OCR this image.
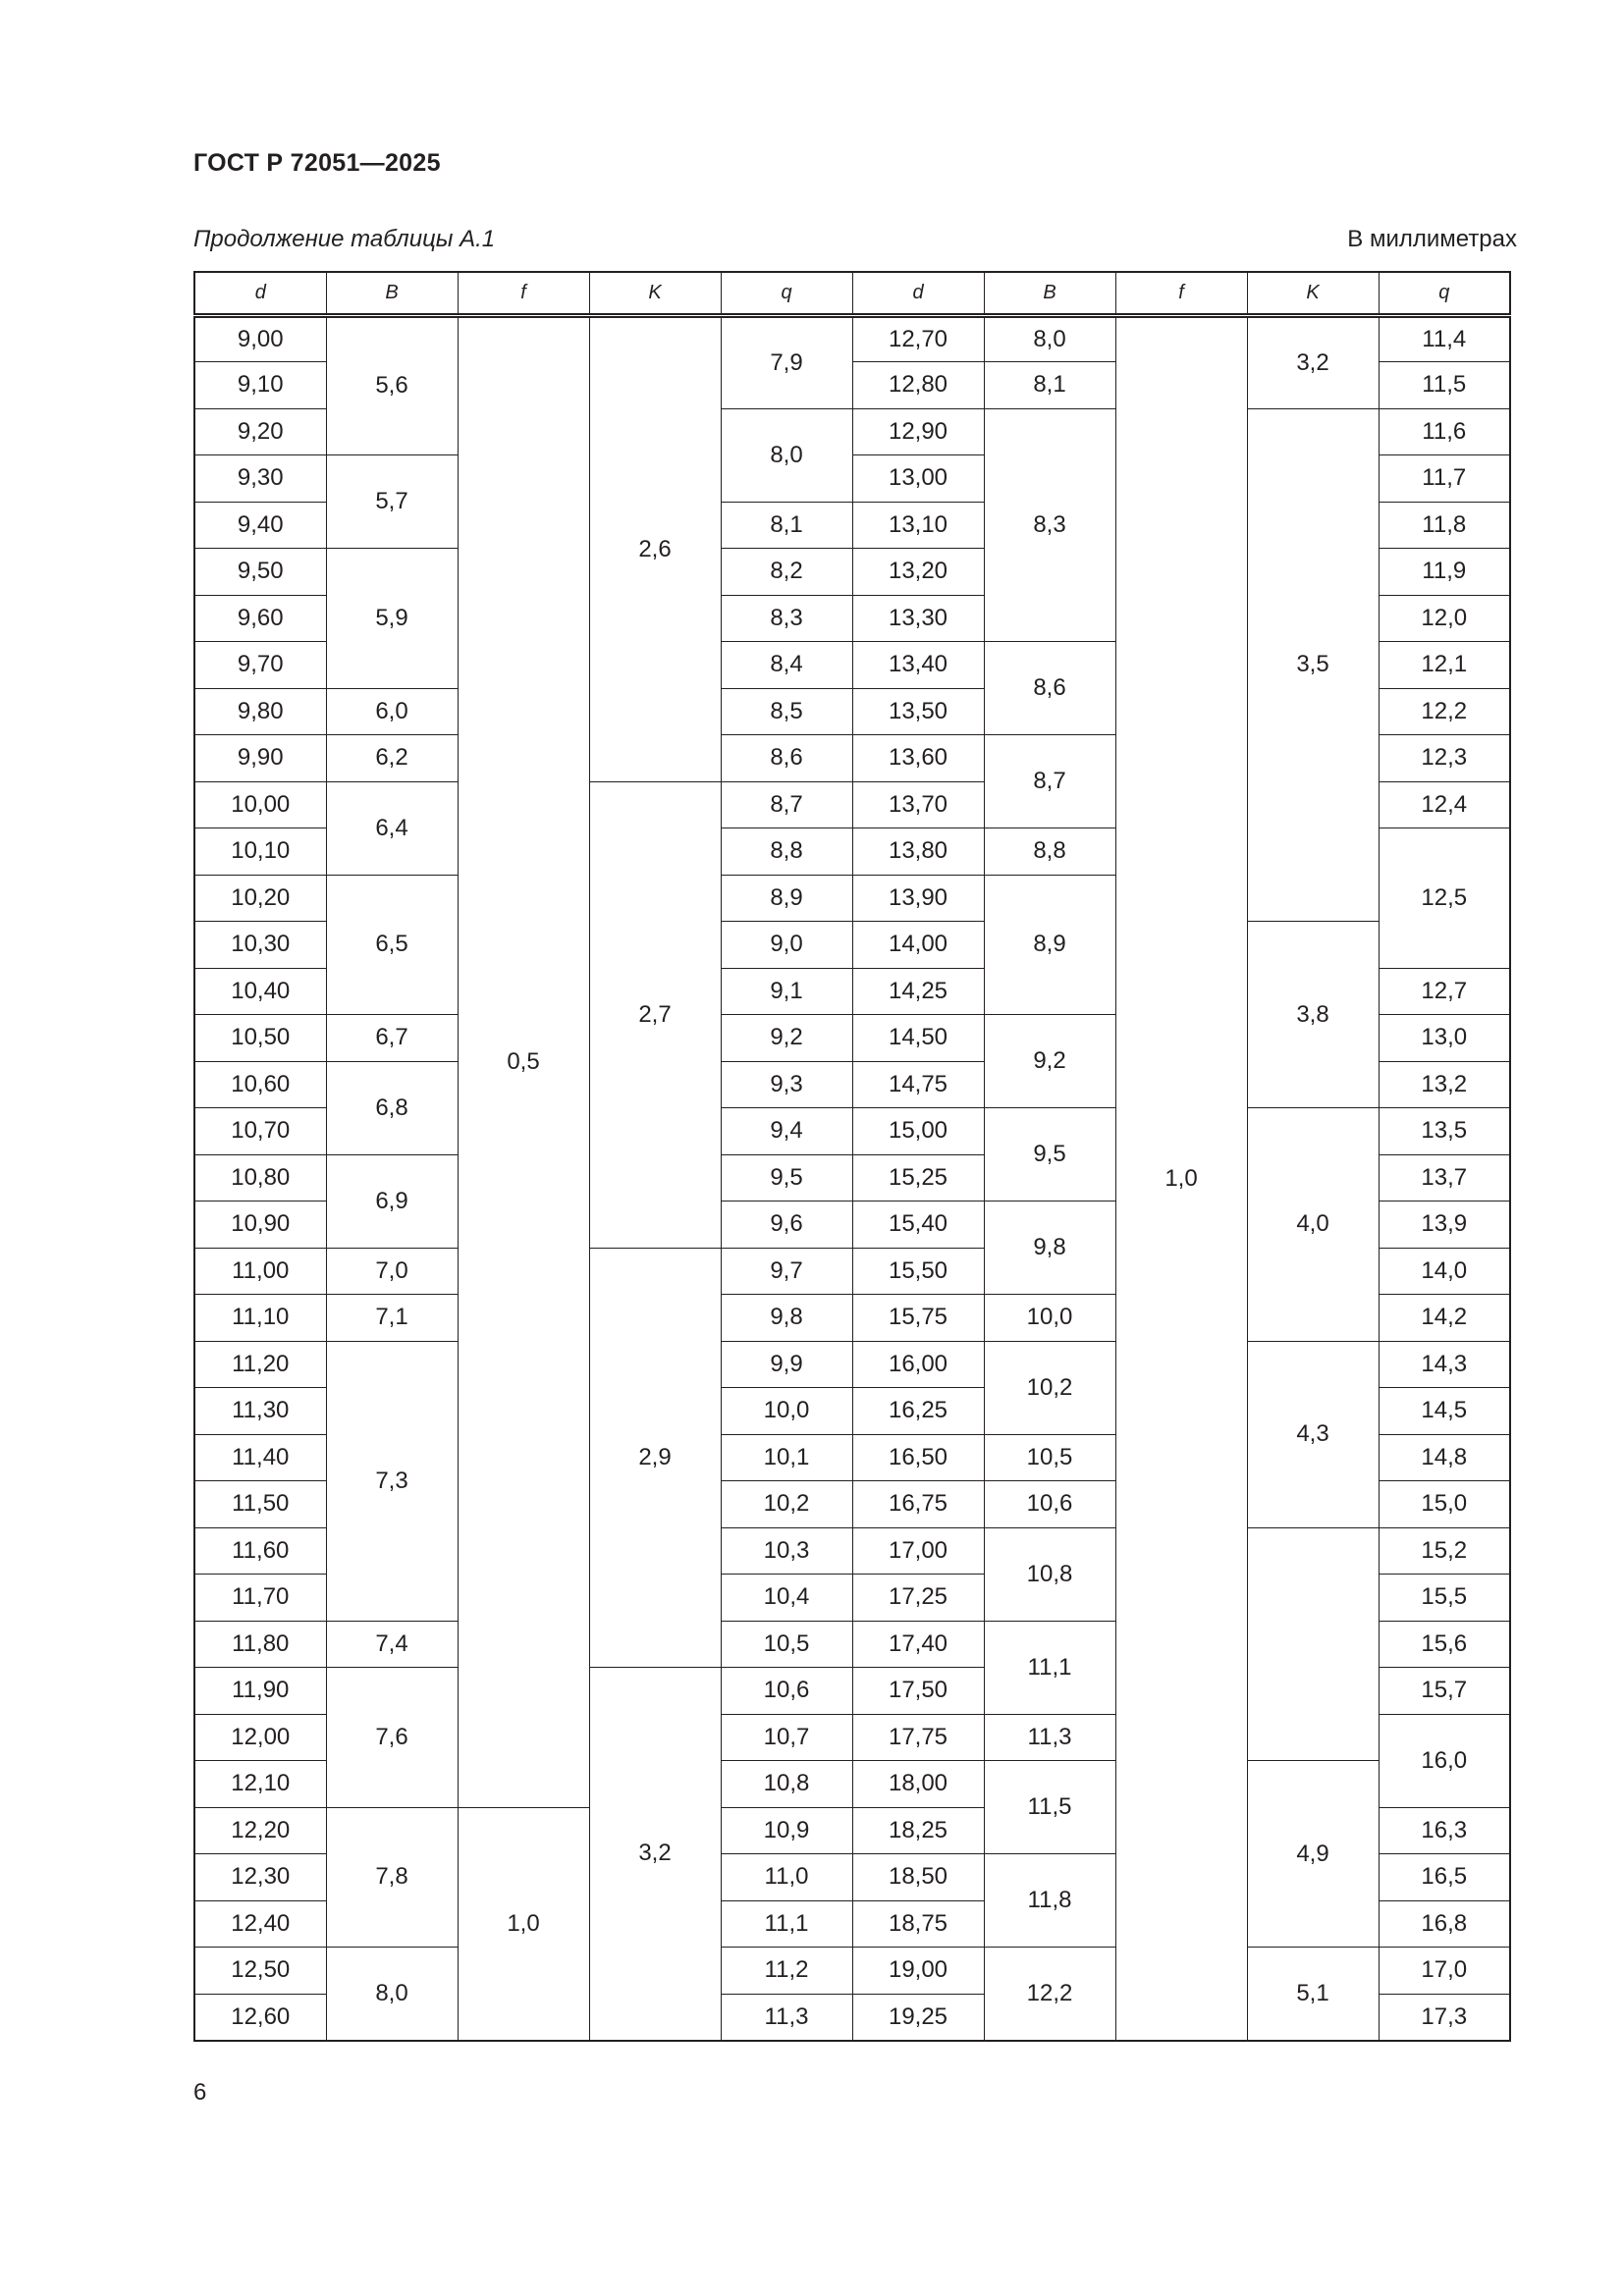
ГОСТ Р 72051—2025
Продолжение таблицы А.1	В миллиметрах
d	B	f	K	q	d	B	f	K	q
9,00	5,6	0,5	2,6	7,9	12,70	8,0	1,0	3,2	11,4
9,10					12,80	8,1			11,5
9,20				8,0	12,90	8,3		3,5	11,6
9,30	5,7				13,00				11,7
9,40				8,1	13,10				11,8
9,50	5,9			8,2	13,20				11,9
9,60				8,3	13,30				12,0
9,70				8,4	13,40	8,6			12,1
9,80	6,0			8,5	13,50				12,2
9,90	6,2			8,6	13,60	8,7			12,3
10,00	6,4		2,7	8,7	13,70				12,4
10,10				8,8	13,80	8,8			12,5
10,20	6,5			8,9	13,90	8,9			
10,30				9,0	14,00			3,8	
10,40				9,1	14,25				12,7
10,50	6,7			9,2	14,50	9,2			13,0
10,60	6,8			9,3	14,75				13,2
10,70				9,4	15,00	9,5		4,0	13,5
10,80	6,9			9,5	15,25				13,7
10,90				9,6	15,40	9,8			13,9
11,00	7,0		2,9	9,7	15,50				14,0
11,10	7,1			9,8	15,75	10,0			14,2
11,20	7,3			9,9	16,00	10,2		4,3	14,3
11,30				10,0	16,25				14,5
11,40				10,1	16,50	10,5			14,8
11,50				10,2	16,75	10,6			15,0
11,60				10,3	17,00	10,8			15,2
11,70				10,4	17,25				15,5
11,80	7,4			10,5	17,40	11,1			15,6
11,90	7,6		3,2	10,6	17,50				15,7
12,00				10,7	17,75	11,3			16,0
12,10				10,8	18,00	11,5		4,9	
12,20	7,8	1,0		10,9	18,25				16,3
12,30				11,0	18,50	11,8			16,5
12,40				11,1	18,75				16,8
12,50	8,0			11,2	19,00	12,2		5,1	17,0
12,60				11,3	19,25				17,3
6
